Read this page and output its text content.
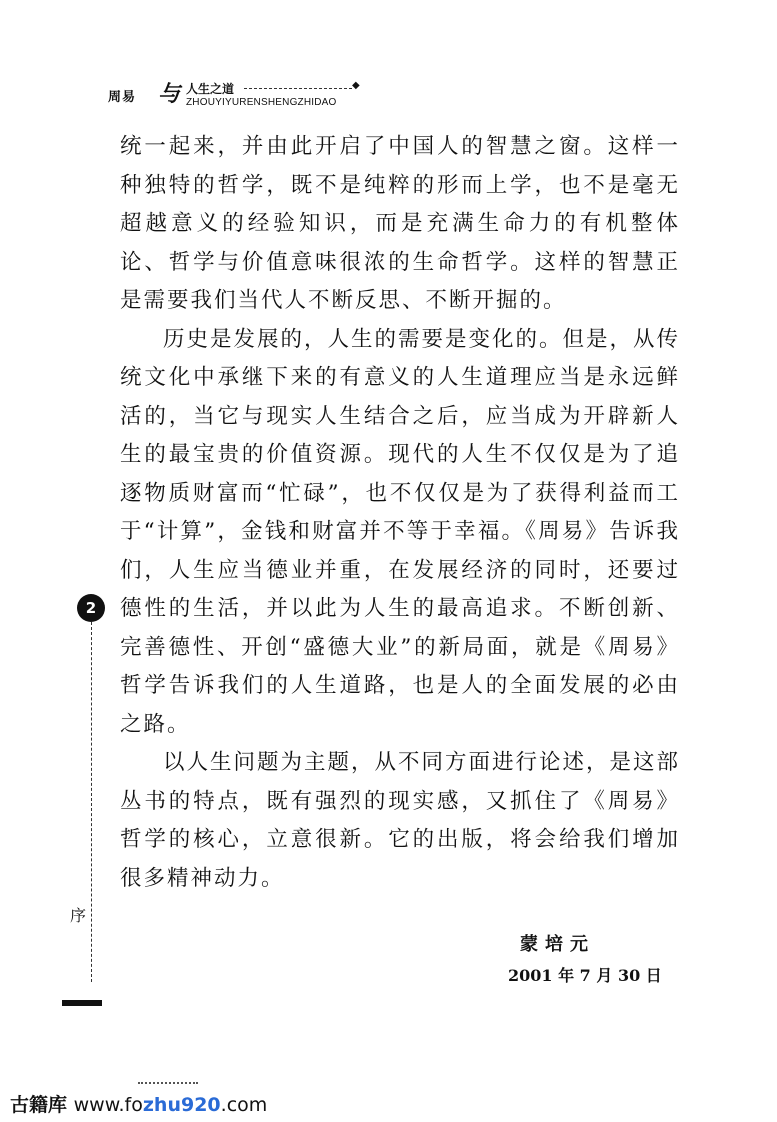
周易 与 人生之道	◆
ZHOUYIYURENSHENGZHIDAO

统一起来，并由此开启了中国人的智慧之窗。这样一种独特的哲学，既不是纯粹的形而上学，也不是毫无超越意义的经验知识，而是充满生命力的有机整体论、哲学与价值意味很浓的生命哲学。这样的智慧正是需要我们当代人不断反思、不断开掘的。

历史是发展的，人生的需要是变化的。但是，从传统文化中承继下来的有意义的人生道理应当是永远鲜活的，当它与现实人生结合之后，应当成为开辟新人生的最宝贵的价值资源。现代的人生不仅仅是为了追逐物质财富而“忙碌”，也不仅仅是为了获得利益而工于“计算”，金钱和财富并不等于幸福。《周易》告诉我们，人生应当德业并重，在发展经济的同时，还要过德性的生活，并以此为人生的最高追求。不断创新、完善德性、开创“盛德大业”的新局面，就是《周易》哲学告诉我们的人生道路，也是人的全面发展的必由之路。

以人生问题为主题，从不同方面进行论述，是这部丛书的特点，既有强烈的现实感，又抓住了《周易》哲学的核心，立意很新。它的出版，将会给我们增加很多精神动力。

蒙培元
2001 年 7 月 30 日
2
序
古籍库 www.fozhu920.com
